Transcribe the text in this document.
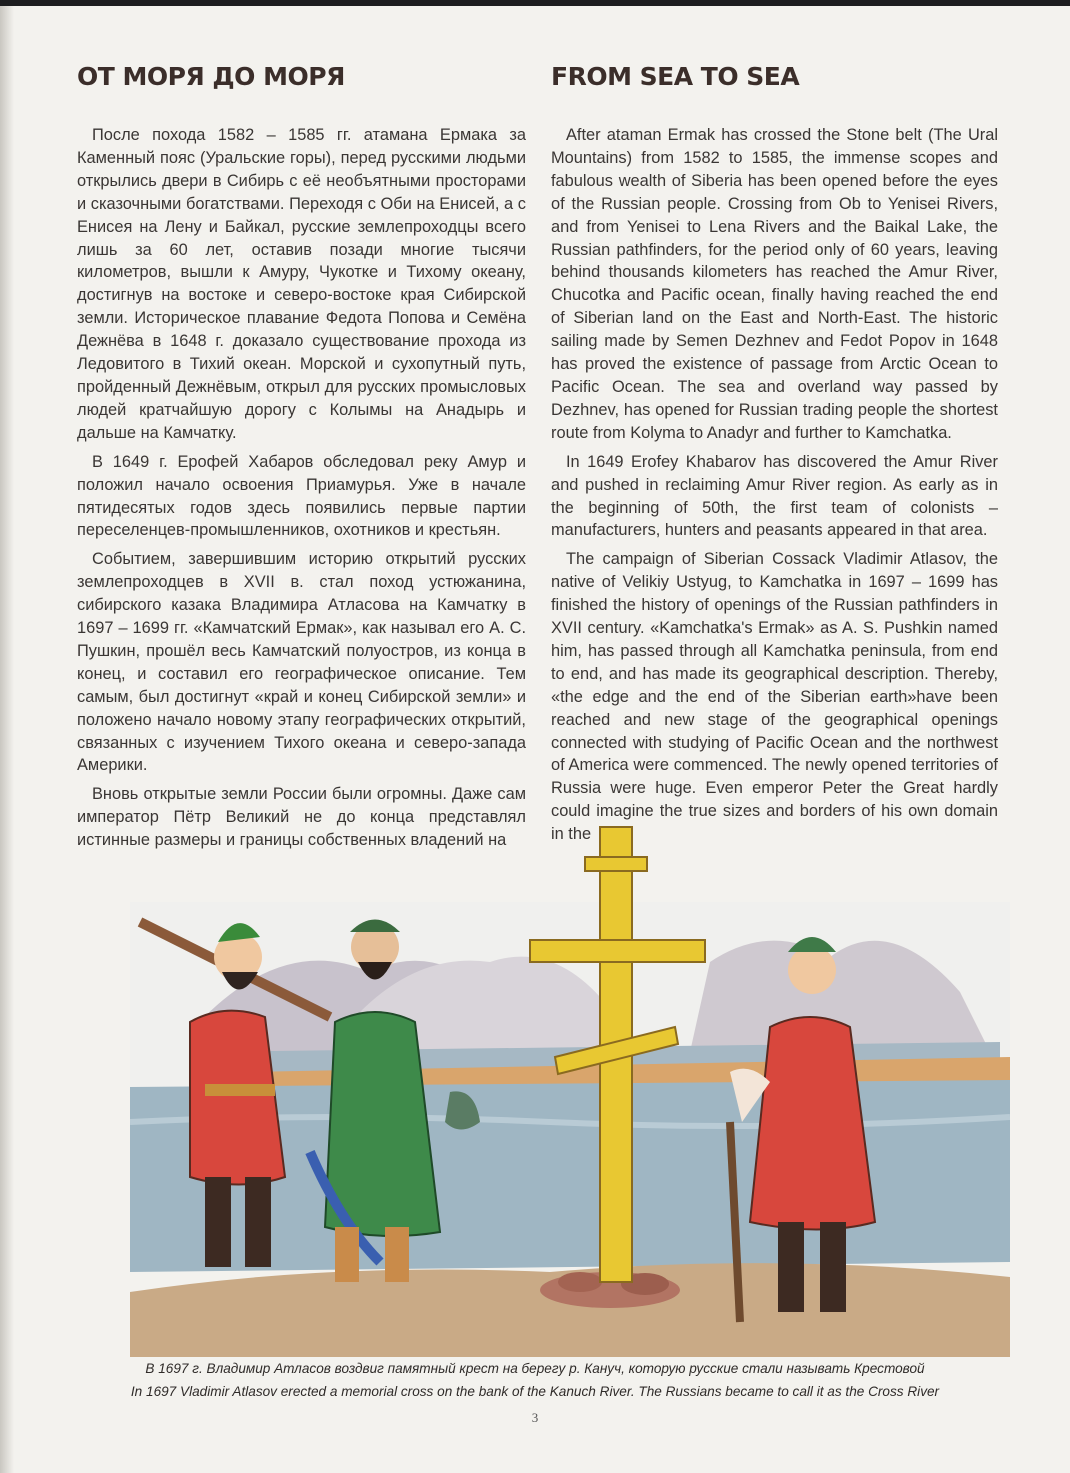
ОТ МОРЯ ДО МОРЯ	FROM SEA TO SEA

После похода 1582 – 1585 гг. атамана Ермака за Каменный пояс (Уральские горы), перед русскими людьми открылись двери в Сибирь с её необъятными просторами и сказочными богатствами. Переходя с Оби на Енисей, а с Енисея на Лену и Байкал, русские землепроходцы всего лишь за 60 лет, оставив позади многие тысячи километров, вышли к Амуру, Чукотке и Тихому океану, достигнув на востоке и северо-востоке края Сибирской земли. Историческое плавание Федота Попова и Семёна Дежнёва в 1648 г. доказало существование прохода из Ледовитого в Тихий океан. Морской и сухопутный путь, пройденный Дежнёвым, открыл для русских промысловых людей кратчайшую дорогу с Колымы на Анадырь и дальше на Камчатку.

В 1649 г. Ерофей Хабаров обследовал реку Амур и положил начало освоения Приамурья. Уже в начале пятидесятых годов здесь появились первые партии переселенцев-промышленников, охотников и крестьян.

Событием, завершившим историю открытий русских землепроходцев в XVII в. стал поход устюжанина, сибирского казака Владимира Атласова на Камчатку в 1697 – 1699 гг. «Камчатский Ермак», как называл его А. С. Пушкин, прошёл весь Камчатский полуостров, из конца в конец, и составил его географическое описание. Тем самым, был достигнут «край и конец Сибирской земли» и положено начало новому этапу географических открытий, связанных с изучением Тихого океана и северо-запада Америки.

Вновь открытые земли России были огромны. Даже сам император Пётр Великий не до конца представлял истинные размеры и границы собственных владений на

After ataman Ermak has crossed the Stone belt (The Ural Mountains) from 1582 to 1585, the immense scopes and fabulous wealth of Siberia has been opened before the eyes of the Russian people. Crossing from Ob to Yenisei Rivers, and from Yenisei to Lena Rivers and the Baikal Lake, the Russian pathfinders, for the period only of 60 years, leaving behind thousands kilometers has reached the Amur River, Chucotka and Pacific ocean, finally having reached the end of Siberian land on the East and North-East. The historic sailing made by Semen Dezhnev and Fedot Popov in 1648 has proved the existence of passage from Arctic Ocean to Pacific Ocean. The sea and overland way passed by Dezhnev, has opened for Russian trading people the shortest route from Kolyma to Anadyr and further to Kamchatka.

In 1649 Erofey Khabarov has discovered the Amur River and pushed in reclaiming Amur River region. As early as in the beginning of 50th, the first team of colonists – manufacturers, hunters and peasants appeared in that area.

The campaign of Siberian Cossack Vladimir Atlasov, the native of Velikiy Ustyug, to Kamchatka in 1697 – 1699 has finished the history of openings of the Russian pathfinders in XVII century. «Kamchatka's Ermak» as A. S. Pushkin named him, has passed through all Kamchatka peninsula, from end to end, and has made its geographical description. Thereby, «the edge and the end of the Siberian earth»have been reached and new stage of the geographical openings connected with studying of Pacific Ocean and the northwest of America were commenced. The newly opened territories of Russia were huge. Even emperor Peter the Great hardly could imagine the true sizes and borders of his own domain in the

В 1697 г. Владимир Атласов воздвиг памятный крест на берегу р. Кануч, которую русские стали называть Крестовой
In 1697 Vladimir Atlasov erected a memorial cross on the bank of the Kanuch River. The Russians became to call it as the Cross River
3
